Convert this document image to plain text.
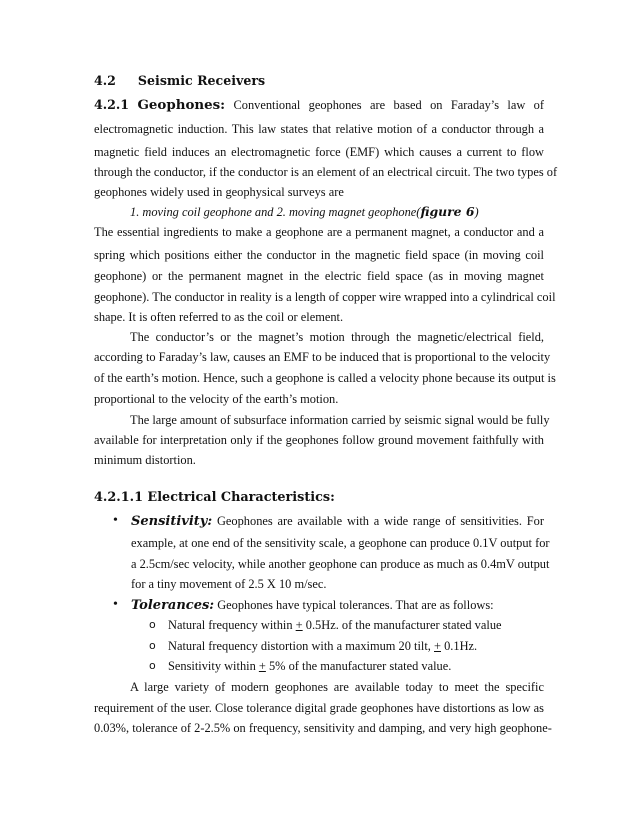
4.2 Seismic Receivers
4.2.1 Geophones: Conventional geophones are based on Faraday’s law of
electromagnetic induction. This law states that relative motion of a conductor through a
magnetic field induces an electromagnetic force (EMF) which causes a current to flow
through the conductor, if the conductor is an element of an electrical circuit. The two types of
geophones widely used in geophysical surveys are
1. moving coil geophone and 2. moving magnet geophone(figure 6)
The essential ingredients to make a geophone are a permanent magnet, a conductor and a
spring which positions either the conductor in the magnetic field space (in moving coil
geophone) or the permanent magnet in the electric field space (as in moving magnet
geophone). The conductor in reality is a length of copper wire wrapped into a cylindrical coil
shape. It is often referred to as the coil or element.
The conductor’s or the magnet’s motion through the magnetic/electrical field,
according to Faraday’s law, causes an EMF to be induced that is proportional to the velocity
of the earth’s motion. Hence, such a geophone is called a velocity phone because its output is
proportional to the velocity of the earth’s motion.
The large amount of subsurface information carried by seismic signal would be fully
available for interpretation only if the geophones follow ground movement faithfully with
minimum distortion.
4.2.1.1 Electrical Characteristics:
• Sensitivity: Geophones are available with a wide range of sensitivities. For
example, at one end of the sensitivity scale, a geophone can produce 0.1V output for
a 2.5cm/sec velocity, while another geophone can produce as much as 0.4mV output
for a tiny movement of 2.5 X 10 m/sec.
• Tolerances: Geophones have typical tolerances. That are as follows:
o Natural frequency within + 0.5Hz. of the manufacturer stated value
o Natural frequency distortion with a maximum 20 tilt, + 0.1Hz.
o Sensitivity within + 5% of the manufacturer stated value.
A large variety of modern geophones are available today to meet the specific
requirement of the user. Close tolerance digital grade geophones have distortions as low as
0.03%, tolerance of 2-2.5% on frequency, sensitivity and damping, and very high geophone-
